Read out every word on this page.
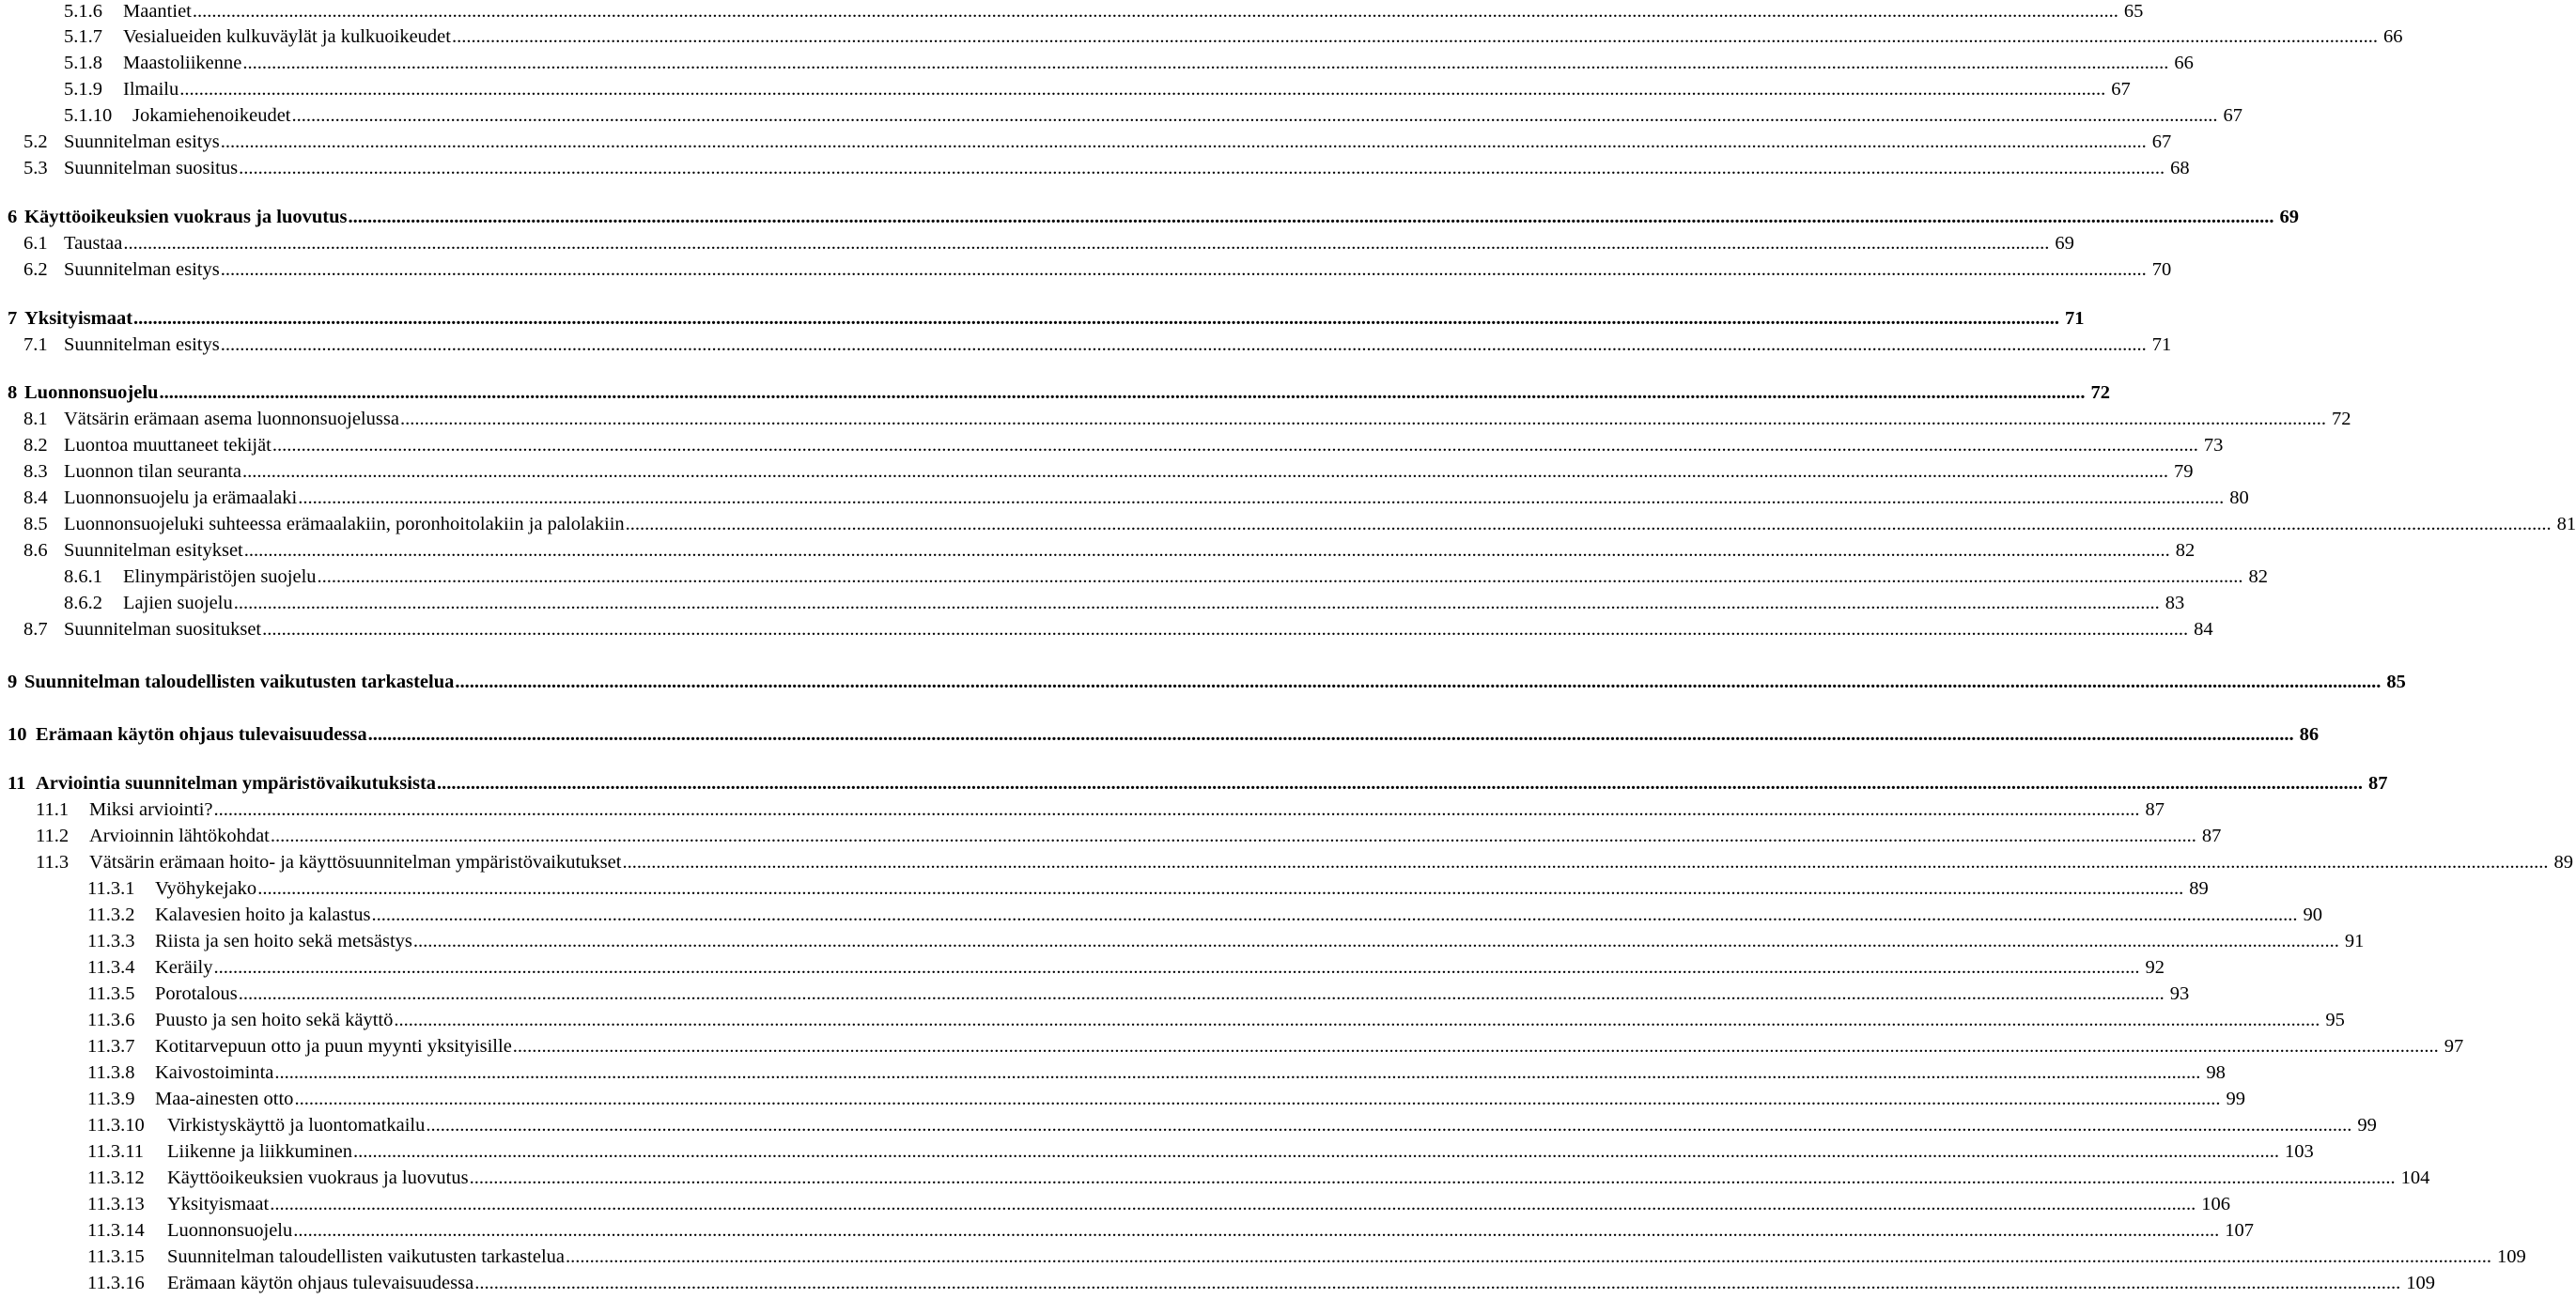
5.1.6	Maantiet ................................................................................................................................................................................................................................................................................................................................................................................................................ 65
5.1.7	Vesialueiden kulkuväylät ja kulkuoikeudet ................................................................................................................................................................................................................................................................................................................................................................................................................ 66
5.1.8	Maastoliikenne ................................................................................................................................................................................................................................................................................................................................................................................................................ 66
5.1.9	Ilmailu ................................................................................................................................................................................................................................................................................................................................................................................................................ 67
5.1.10	Jokamiehenoikeudet ................................................................................................................................................................................................................................................................................................................................................................................................................ 67
5.2 Suunnitelman esitys ................................................................................................................................................................................................................................................................................................................................................................................................................ 67
5.3 Suunnitelman suositus ................................................................................................................................................................................................................................................................................................................................................................................................................ 68
6 Käyttöoikeuksien vuokraus ja luovutus ................................................................................................................................................................................................................................................................................................................................................................................................................ 69
6.1 Taustaa ................................................................................................................................................................................................................................................................................................................................................................................................................ 69
6.2 Suunnitelman esitys ................................................................................................................................................................................................................................................................................................................................................................................................................ 70
7 Yksityismaat ................................................................................................................................................................................................................................................................................................................................................................................................................ 71
7.1 Suunnitelman esitys ................................................................................................................................................................................................................................................................................................................................................................................................................ 71
8 Luonnonsuojelu ................................................................................................................................................................................................................................................................................................................................................................................................................ 72
8.1 Vätsärin erämaan asema luonnonsuojelussa ................................................................................................................................................................................................................................................................................................................................................................................................................ 72
8.2 Luontoa muuttaneet tekijät ................................................................................................................................................................................................................................................................................................................................................................................................................ 73
8.3 Luonnon tilan seuranta ................................................................................................................................................................................................................................................................................................................................................................................................................ 79
8.4 Luonnonsuojelu ja erämaalaki ................................................................................................................................................................................................................................................................................................................................................................................................................ 80
8.5 Luonnonsuojeluki suhteessa erämaalakiin, poronhoitolakiin ja palolakiin ................................................................................................................................................................................................................................................................................................................................................................................................................ 81
8.6 Suunnitelman esitykset ................................................................................................................................................................................................................................................................................................................................................................................................................ 82
8.6.1	Elinympäristöjen suojelu ................................................................................................................................................................................................................................................................................................................................................................................................................ 82
8.6.2	Lajien suojelu ................................................................................................................................................................................................................................................................................................................................................................................................................ 83
8.7 Suunnitelman suositukset ................................................................................................................................................................................................................................................................................................................................................................................................................ 84
9 Suunnitelman taloudellisten vaikutusten tarkastelua ................................................................................................................................................................................................................................................................................................................................................................................................................ 85
10 Erämaan käytön ohjaus tulevaisuudessa ................................................................................................................................................................................................................................................................................................................................................................................................................ 86
11 Arviointia suunnitelman ympäristövaikutuksista ................................................................................................................................................................................................................................................................................................................................................................................................................ 87
11.1	Miksi arviointi? ................................................................................................................................................................................................................................................................................................................................................................................................................ 87
11.2	Arvioinnin lähtökohdat ................................................................................................................................................................................................................................................................................................................................................................................................................ 87
11.3	Vätsärin erämaan hoito- ja käyttösuunnitelman ympäristövaikutukset ................................................................................................................................................................................................................................................................................................................................................................................................................ 89
11.3.1	Vyöhykejako ................................................................................................................................................................................................................................................................................................................................................................................................................ 89
11.3.2	Kalavesien hoito ja kalastus ................................................................................................................................................................................................................................................................................................................................................................................................................ 90
11.3.3	Riista ja sen hoito sekä metsästys ................................................................................................................................................................................................................................................................................................................................................................................................................ 91
11.3.4	Keräily ................................................................................................................................................................................................................................................................................................................................................................................................................ 92
11.3.5	Porotalous ................................................................................................................................................................................................................................................................................................................................................................................................................ 93
11.3.6	Puusto ja sen hoito sekä käyttö ................................................................................................................................................................................................................................................................................................................................................................................................................ 95
11.3.7	Kotitarvepuun otto ja puun myynti yksityisille ................................................................................................................................................................................................................................................................................................................................................................................................................ 97
11.3.8	Kaivostoiminta ................................................................................................................................................................................................................................................................................................................................................................................................................ 98
11.3.9	Maa-ainesten otto ................................................................................................................................................................................................................................................................................................................................................................................................................ 99
11.3.10	Virkistyskäyttö ja luontomatkailu ................................................................................................................................................................................................................................................................................................................................................................................................................ 99
11.3.11	Liikenne ja liikkuminen ................................................................................................................................................................................................................................................................................................................................................................................................................ 103
11.3.12	Käyttöoikeuksien vuokraus ja luovutus ................................................................................................................................................................................................................................................................................................................................................................................................................ 104
11.3.13	Yksityismaat ................................................................................................................................................................................................................................................................................................................................................................................................................ 106
11.3.14	Luonnonsuojelu ................................................................................................................................................................................................................................................................................................................................................................................................................ 107
11.3.15	Suunnitelman taloudellisten vaikutusten tarkastelua ................................................................................................................................................................................................................................................................................................................................................................................................................ 109
11.3.16	Erämaan käytön ohjaus tulevaisuudessa ................................................................................................................................................................................................................................................................................................................................................................................................................ 109
